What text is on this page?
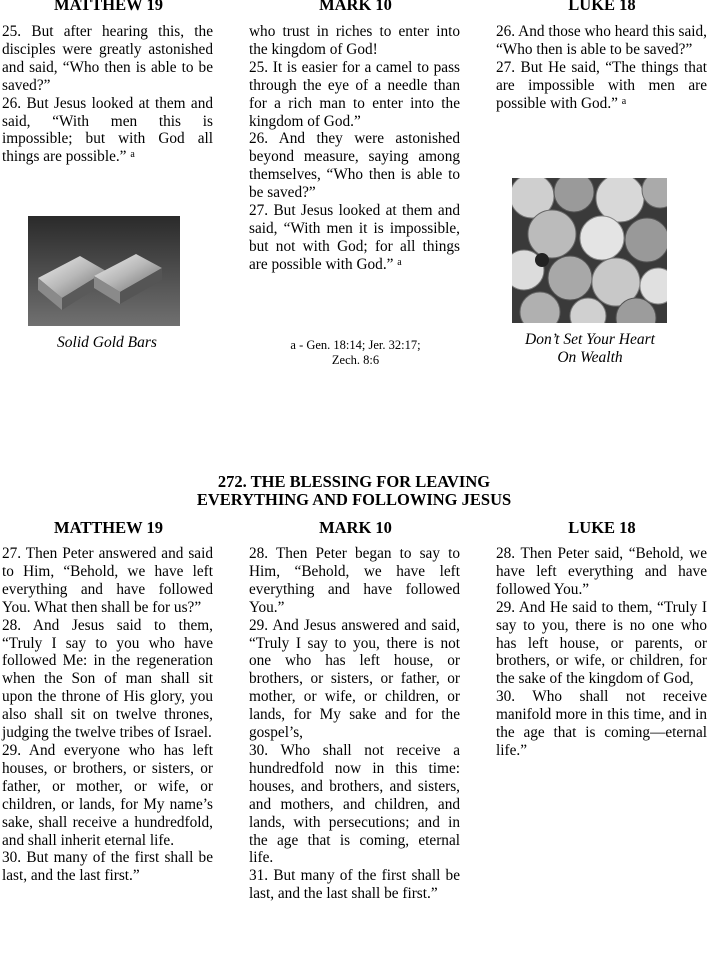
MATTHEW 19	MARK 10	LUKE 18

25. But after hearing this, the disciples were greatly astonished and said, “Who then is able to be saved?”

26. But Jesus looked at them and said, “With men this is impossible; but with God all things are possible.” $^a$

Solid Gold Bars

who trust in riches to enter into the kingdom of God!

25. It is easier for a camel to pass through the eye of a needle than for a rich man to enter into the kingdom of God.”

26. And they were astonished beyond measure, saying among themselves, “Who then is able to be saved?”

27. But Jesus looked at them and said, “With men it is impossible, but not with God; for all things are possible with God.” $^a$

a - Gen. 18:14; Jer. 32:17;
Zech. 8:6

26. And those who heard this said, “Who then is able to be saved?”

27. But He said, “The things that are impossible with men are possible with God.” $^a$

Don’t Set Your Heart
On Wealth
272. THE BLESSING FOR LEAVING
EVERYTHING AND FOLLOWING JESUS
MATTHEW 19	MARK 10	LUKE 18

27. Then Peter answered and said to Him, “Behold, we have left everything and have followed You. What then shall be for us?”

28. And Jesus said to them, “Truly I say to you who have followed Me: in the regeneration when the Son of man shall sit upon the throne of His glory, you also shall sit on twelve thrones, judging the twelve tribes of Israel.

29. And everyone who has left houses, or brothers, or sisters, or father, or mother, or wife, or children, or lands, for My name’s sake, shall receive a hundredfold, and shall inherit eternal life.

30. But many of the first shall be last, and the last first.”

28. Then Peter began to say to Him, “Behold, we have left everything and have followed You.”

29. And Jesus answered and said, “Truly I say to you, there is not one who has left house, or brothers, or sisters, or father, or mother, or wife, or children, or lands, for My sake and for the gospel’s,

30. Who shall not receive a hundredfold now in this time: houses, and brothers, and sisters, and mothers, and children, and lands, with persecutions; and in the age that is coming, eternal life.

31. But many of the first shall be last, and the last shall be first.”

28. Then Peter said, “Behold, we have left everything and have followed You.”

29. And He said to them, “Truly I say to you, there is no one who has left house, or parents, or brothers, or wife, or children, for the sake of the kingdom of God,

30. Who shall not receive manifold more in this time, and in the age that is coming—eternal life.”
